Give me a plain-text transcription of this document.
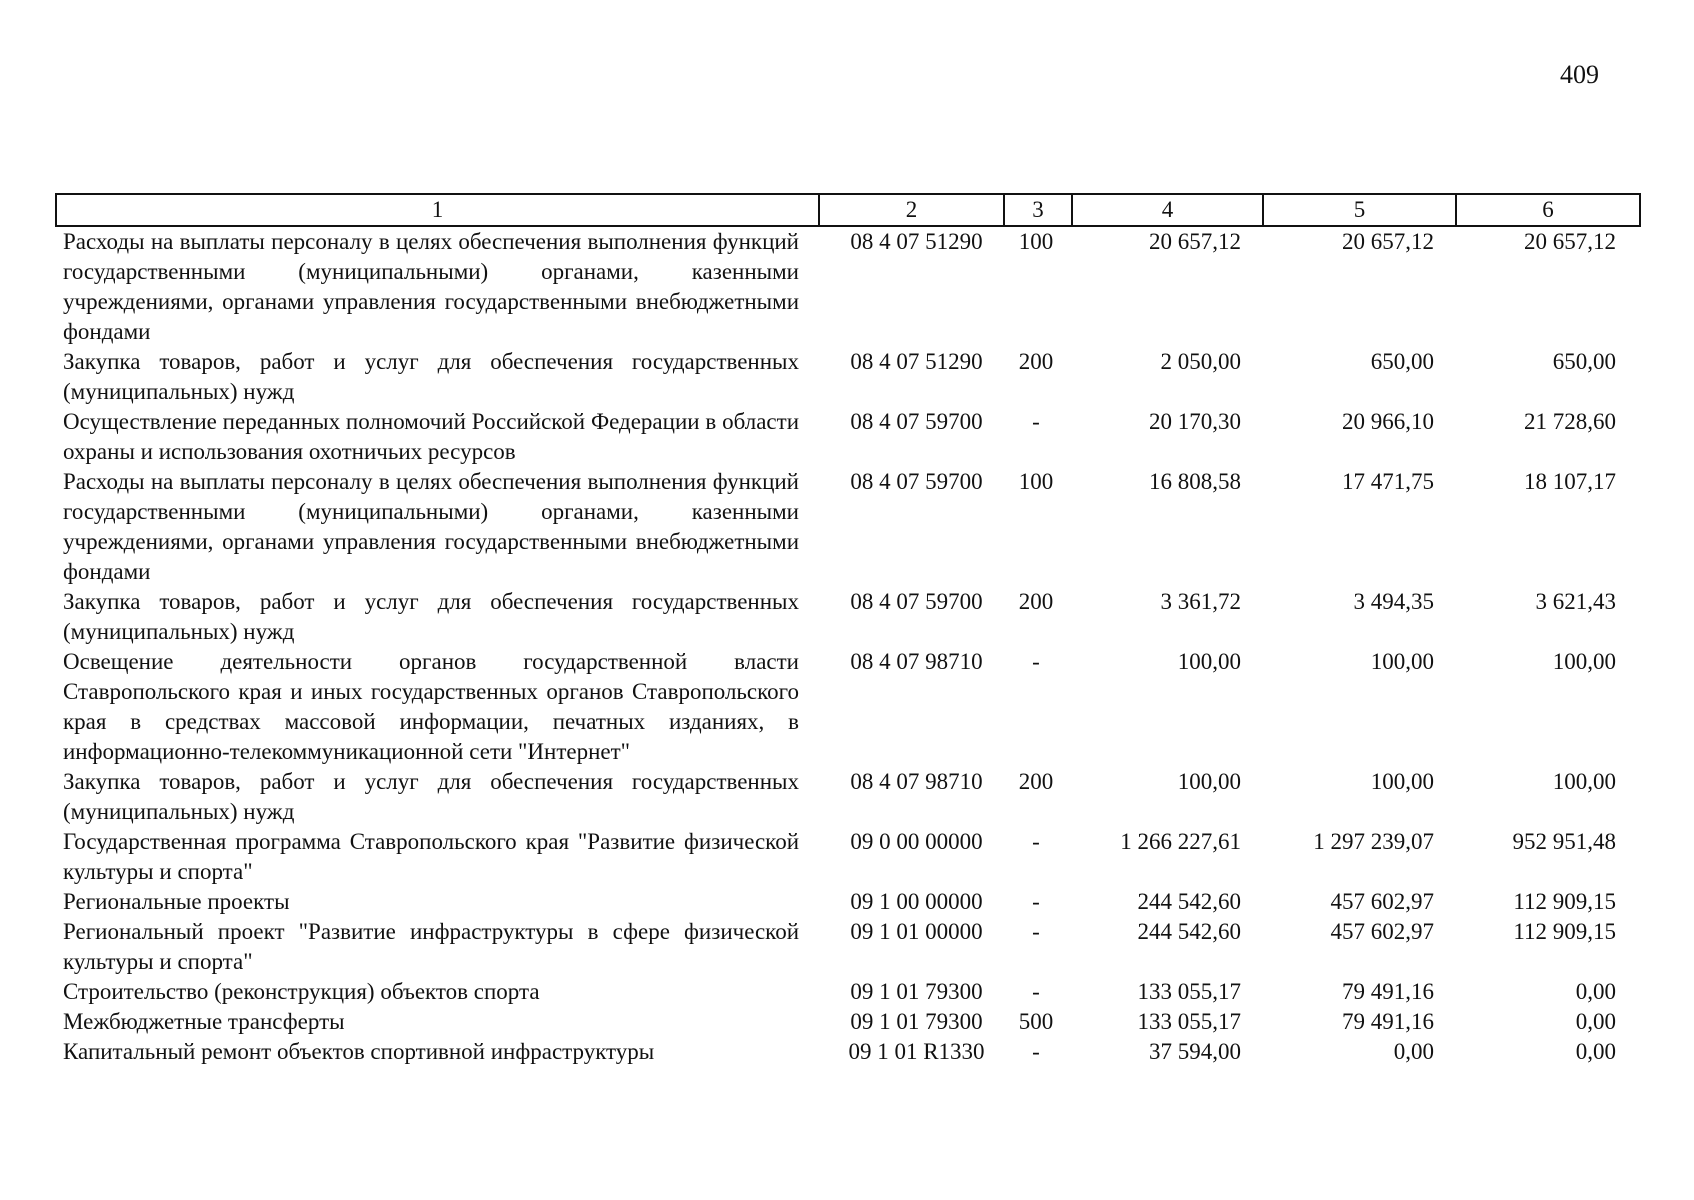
409
1	2	3	4	5	6
Расходы на выплаты персоналу в целях обеспечения выполнения функций государственными (муниципальными) органами, казенными учреждениями, органами управления государственными внебюджетными фондами	08 4 07 51290	100	20 657,12	20 657,12	20 657,12
Закупка товаров, работ и услуг для обеспечения государственных (муниципальных) нужд	08 4 07 51290	200	2 050,00	650,00	650,00
Осуществление переданных полномочий Российской Федерации в области охраны и использования охотничьих ресурсов	08 4 07 59700	-	20 170,30	20 966,10	21 728,60
Расходы на выплаты персоналу в целях обеспечения выполнения функций государственными (муниципальными) органами, казенными учреждениями, органами управления государственными внебюджетными фондами	08 4 07 59700	100	16 808,58	17 471,75	18 107,17
Закупка товаров, работ и услуг для обеспечения государственных (муниципальных) нужд	08 4 07 59700	200	3 361,72	3 494,35	3 621,43
Освещение деятельности органов государственной власти Ставропольского края и иных государственных органов Ставропольского края в средствах массовой информации, печатных изданиях, в информационно-телекоммуникационной сети "Интернет"	08 4 07 98710	-	100,00	100,00	100,00
Закупка товаров, работ и услуг для обеспечения государственных (муниципальных) нужд	08 4 07 98710	200	100,00	100,00	100,00
Государственная программа Ставропольского края "Развитие физической культуры и спорта"	09 0 00 00000	-	1 266 227,61	1 297 239,07	952 951,48
Региональные проекты	09 1 00 00000	-	244 542,60	457 602,97	112 909,15
Региональный проект "Развитие инфраструктуры в сфере физической культуры и спорта"	09 1 01 00000	-	244 542,60	457 602,97	112 909,15
Строительство (реконструкция) объектов спорта	09 1 01 79300	-	133 055,17	79 491,16	0,00
Межбюджетные трансферты	09 1 01 79300	500	133 055,17	79 491,16	0,00
Капитальный ремонт объектов спортивной инфраструктуры	09 1 01 R1330	-	37 594,00	0,00	0,00
